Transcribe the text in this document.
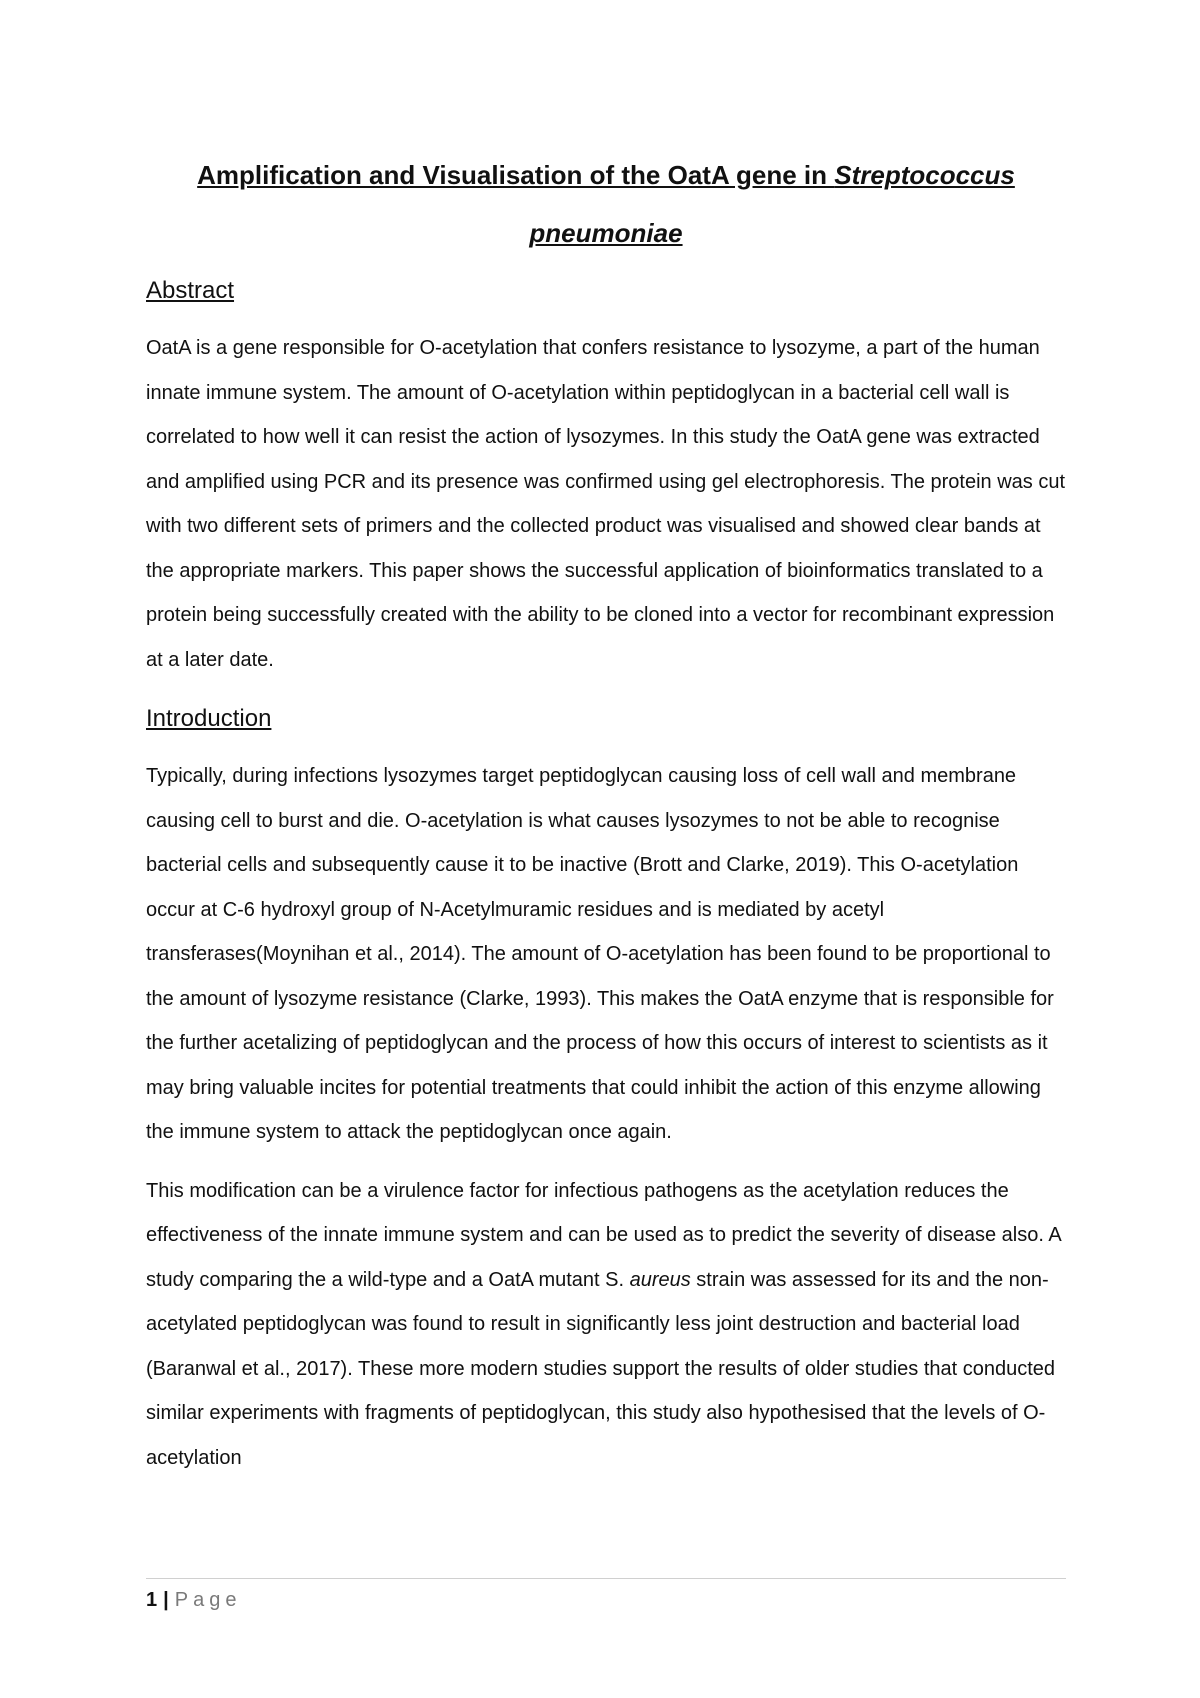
Amplification and Visualisation of the OatA gene in Streptococcus
pneumoniae
Abstract

OatA is a gene responsible for O-acetylation that confers resistance to lysozyme, a part of the human innate immune system. The amount of O-acetylation within peptidoglycan in a bacterial cell wall is correlated to how well it can resist the action of lysozymes. In this study the OatA gene was extracted and amplified using PCR and its presence was confirmed using gel electrophoresis. The protein was cut with two different sets of primers and the collected product was visualised and showed clear bands at the appropriate markers. This paper shows the successful application of bioinformatics translated to a protein being successfully created with the ability to be cloned into a vector for recombinant expression at a later date.

Introduction

Typically, during infections lysozymes target peptidoglycan causing loss of cell wall and membrane causing cell to burst and die. O-acetylation is what causes lysozymes to not be able to recognise bacterial cells and subsequently cause it to be inactive (Brott and Clarke, 2019). This O-acetylation occur at C-6 hydroxyl group of N-Acetylmuramic residues and is mediated by acetyl transferases(Moynihan et al., 2014). The amount of O-acetylation has been found to be proportional to the amount of lysozyme resistance (Clarke, 1993). This makes the OatA enzyme that is responsible for the further acetalizing of peptidoglycan and the process of how this occurs of interest to scientists as it may bring valuable incites for potential treatments that could inhibit the action of this enzyme allowing the immune system to attack the peptidoglycan once again.

This modification can be a virulence factor for infectious pathogens as the acetylation reduces the effectiveness of the innate immune system and can be used as to predict the severity of disease also. A study comparing the a wild-type and a OatA mutant S. aureus strain was assessed for its and the non-acetylated peptidoglycan was found to result in significantly less joint destruction and bacterial load (Baranwal et al., 2017). These more modern studies support the results of older studies that conducted similar experiments with fragments of peptidoglycan, this study also hypothesised that the levels of O-acetylation

1 | Page
